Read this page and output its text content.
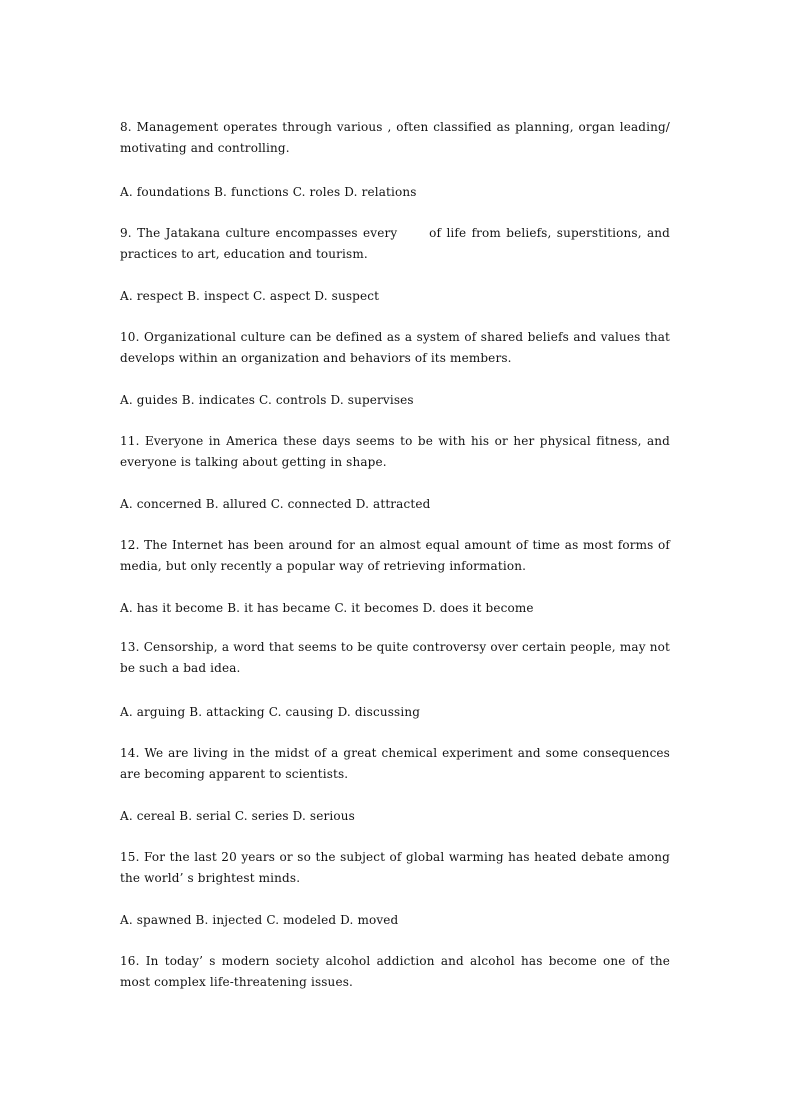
8. Management operates through various , often classified as planning, organ leading/ motivating and controlling.
A. foundations B. functions C. roles D. relations
9. The Jatakana culture encompasses every      of life from beliefs, superstitions, and practices to art, education and tourism.
A. respect B. inspect C. aspect D. suspect
10. Organizational culture can be defined as a system of shared beliefs and values that develops within an organization and behaviors of its members.
A. guides B. indicates C. controls D. supervises
11. Everyone in America these days seems to be with his or her physical fitness, and everyone is talking about getting in shape.
A. concerned B. allured C. connected D. attracted
12. The Internet has been around for an almost equal amount of time as most forms of media, but only recently a popular way of retrieving information.
A. has it become B. it has became C. it becomes D. does it become
13. Censorship, a word that seems to be quite controversy over certain people, may not be such a bad idea.
A. arguing B. attacking C. causing D. discussing
14. We are living in the midst of a great chemical experiment and some consequences are becoming apparent to scientists.
A. cereal B. serial C. series D. serious
15. For the last 20 years or so the subject of global warming has heated debate among the world’ s brightest minds.
A. spawned B. injected C. modeled D. moved
16. In today’ s modern society alcohol addiction and alcohol has become one of the most complex life-threatening issues.
